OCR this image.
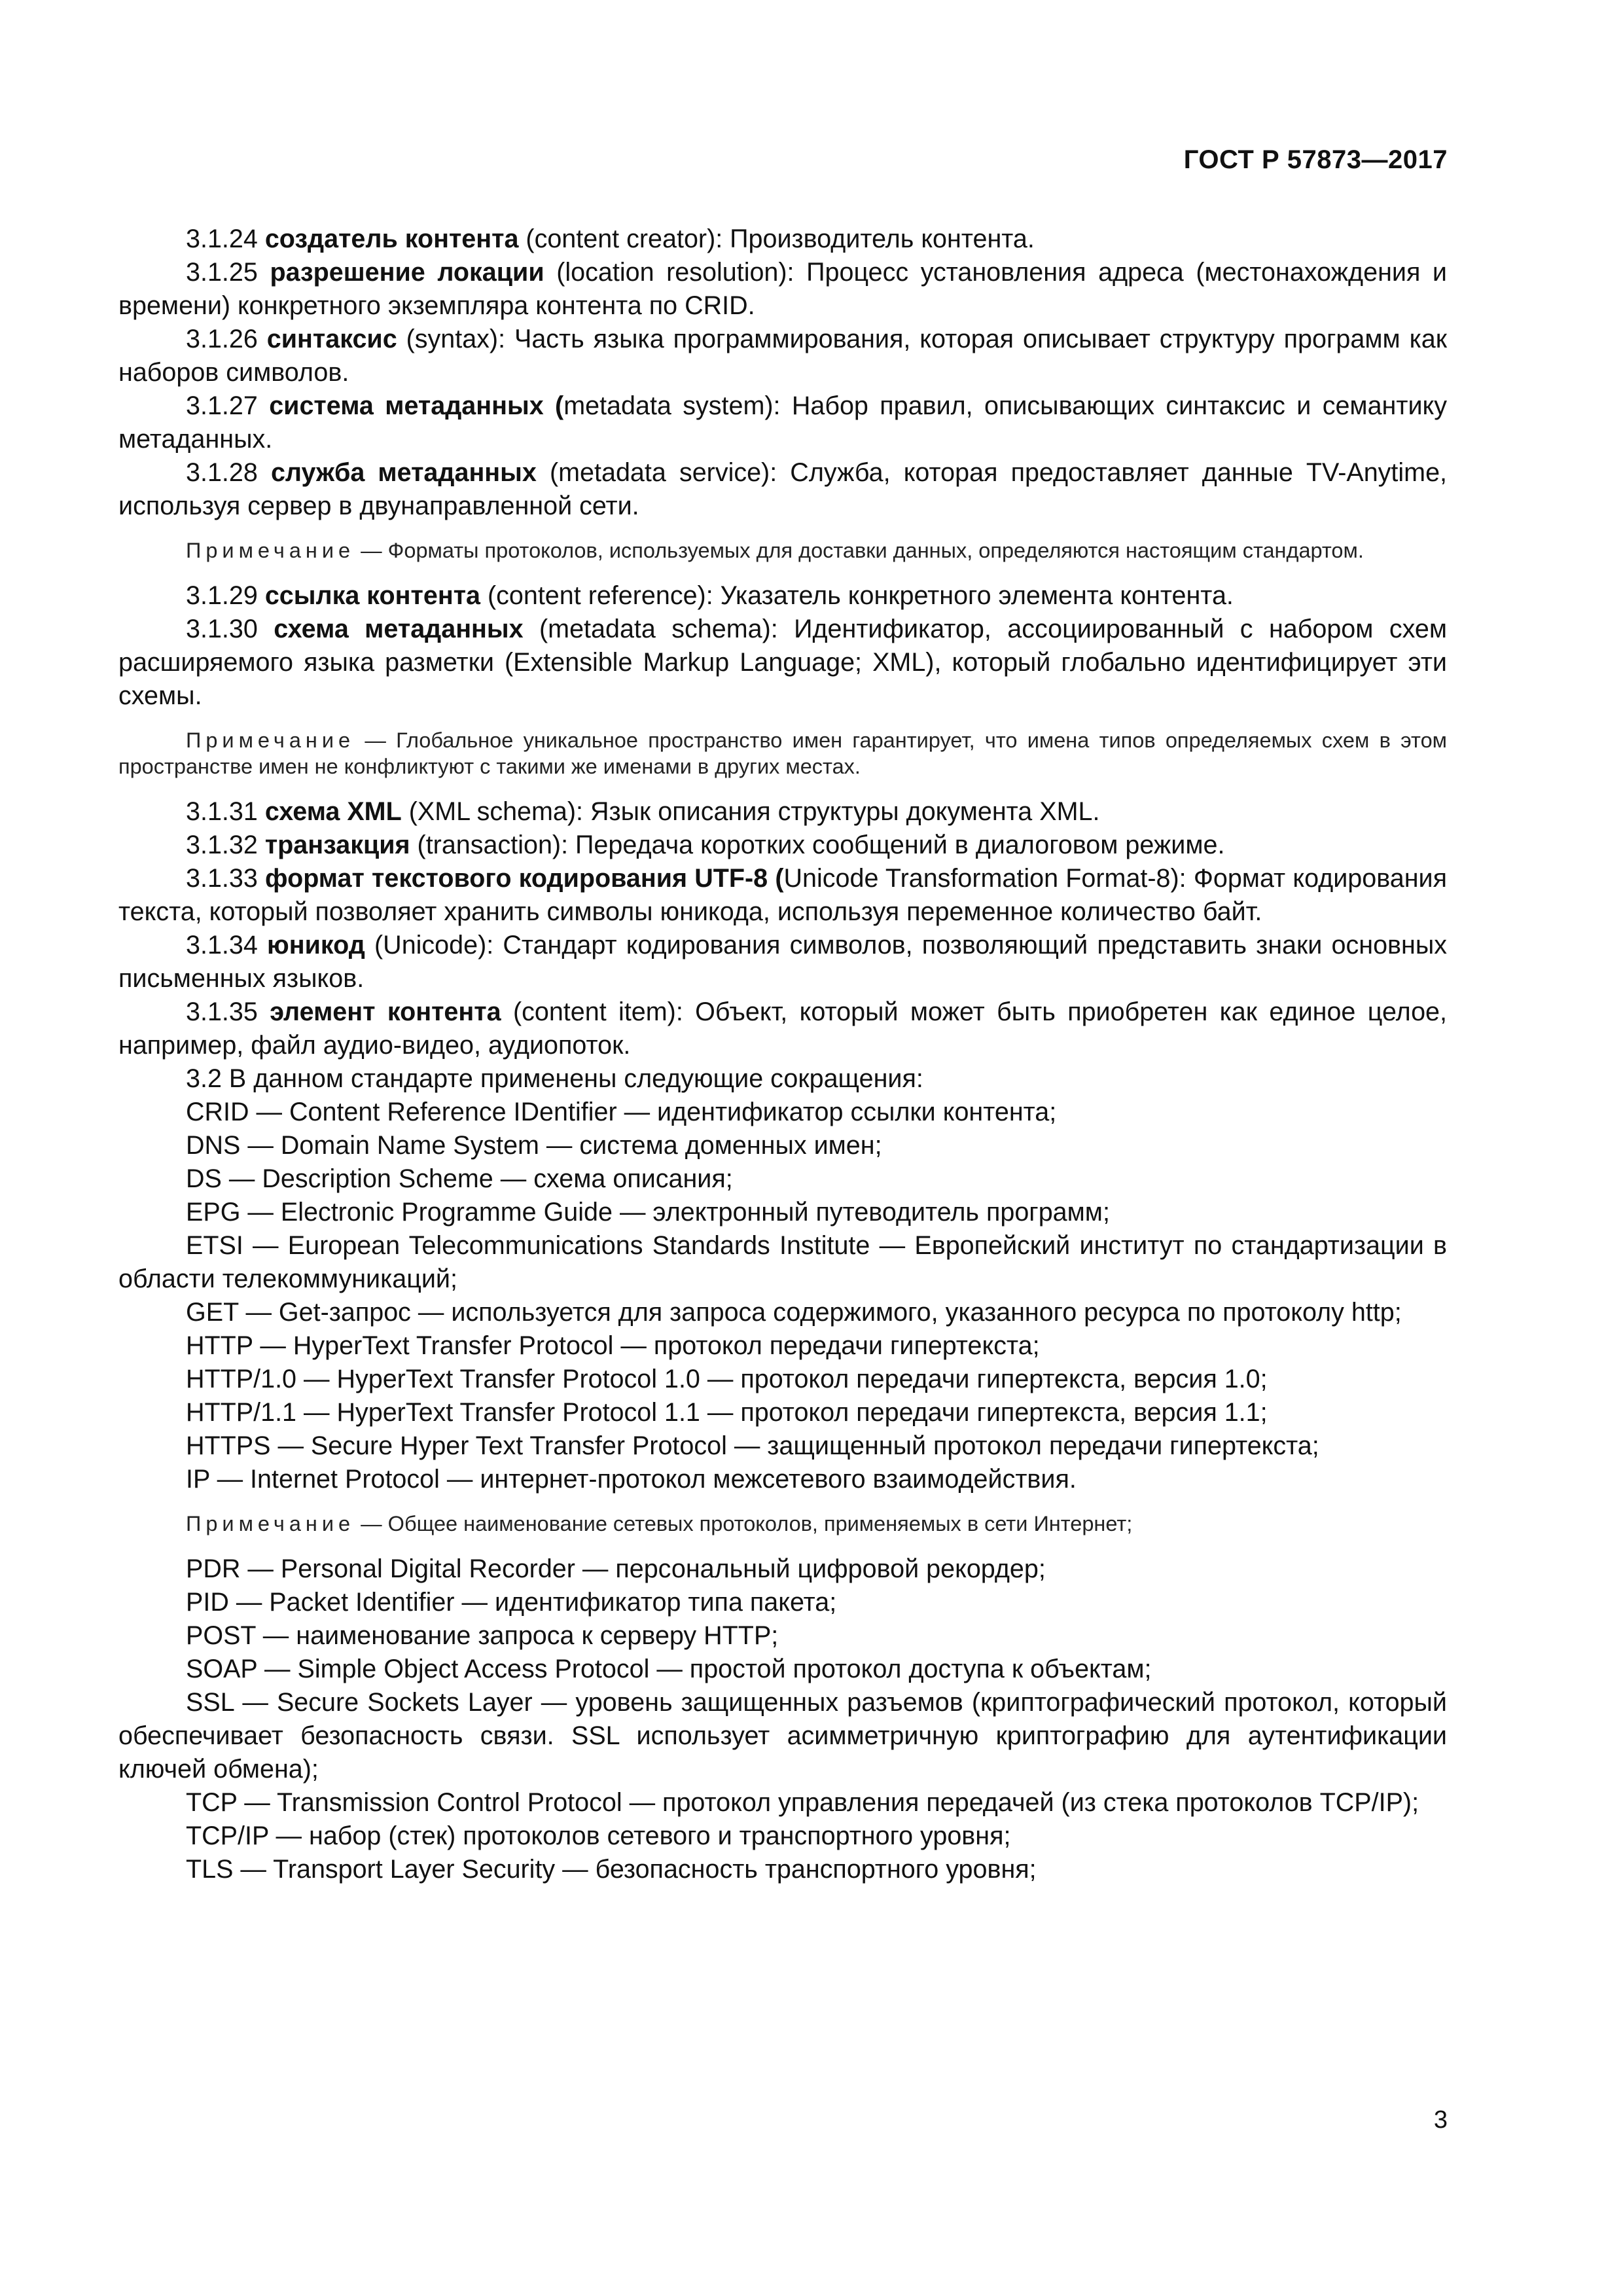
ГОСТ Р 57873—2017

3.1.24 создатель контента (content creator): Производитель контента.

3.1.25 разрешение локации (location resolution): Процесс установления адреса (местонахождения и времени) конкретного экземпляра контента по CRID.

3.1.26 синтаксис (syntax): Часть языка программирования, которая описывает структуру программ как наборов символов.

3.1.27 система метаданных (metadata system): Набор правил, описывающих синтаксис и семантику метаданных.

3.1.28 служба метаданных (metadata service): Служба, которая предоставляет данные TV-Anytime, используя сервер в двунаправленной сети.

Примечание — Форматы протоколов, используемых для доставки данных, определяются настоящим стандартом.

3.1.29 ссылка контента (content reference): Указатель конкретного элемента контента.

3.1.30 схема метаданных (metadata schema): Идентификатор, ассоциированный с набором схем расширяемого языка разметки (Extensible Markup Language; XML), который глобально идентифицирует эти схемы.

Примечание — Глобальное уникальное пространство имен гарантирует, что имена типов определяемых схем в этом пространстве имен не конфликтуют с такими же именами в других местах.

3.1.31 схема XML (XML schema): Язык описания структуры документа XML.

3.1.32 транзакция (transaction): Передача коротких сообщений в диалоговом режиме.

3.1.33 формат текстового кодирования UTF-8 (Unicode Transformation Format-8): Формат кодирования текста, который позволяет хранить символы юникода, используя переменное количество байт.

3.1.34 юникод (Unicode): Стандарт кодирования символов, позволяющий представить знаки основных письменных языков.

3.1.35 элемент контента (content item): Объект, который может быть приобретен как единое целое, например, файл аудио-видео, аудиопоток.

3.2 В данном стандарте применены следующие сокращения:

CRID — Content Reference IDentifier — идентификатор ссылки контента;

DNS — Domain Name System — система доменных имен;

DS — Description Scheme — схема описания;

EPG — Electronic Programme Guide — электронный путеводитель программ;

ETSI — European Telecommunications Standards Institute — Европейский институт по стандартизации в области телекоммуникаций;

GET — Get-запрос — используется для запроса содержимого, указанного ресурса по протоколу http;

HTTP — HyperText Transfer Protocol — протокол передачи гипертекста;

HTTP/1.0 — HyperText Transfer Protocol 1.0 — протокол передачи гипертекста, версия 1.0;

HTTP/1.1 — HyperText Transfer Protocol 1.1 — протокол передачи гипертекста, версия 1.1;

HTTPS — Secure Hyper Text Transfer Protocol — защищенный протокол передачи гипертекста;

IP — Internet Protocol — интернет-протокол межсетевого взаимодействия.

Примечание — Общее наименование сетевых протоколов, применяемых в сети Интернет;

PDR — Personal Digital Recorder — персональный цифровой рекордер;

PID — Packet Identifier — идентификатор типа пакета;

POST — наименование запроса к серверу HTTP;

SOAP — Simple Object Access Protocol — простой протокол доступа к объектам;

SSL — Secure Sockets Layer — уровень защищенных разъемов (криптографический протокол, который обеспечивает безопасность связи. SSL использует асимметричную криптографию для аутентификации ключей обмена);

TCP — Transmission Control Protocol — протокол управления передачей (из стека протоколов TCP/IP);

TCP/IP — набор (стек) протоколов сетевого и транспортного уровня;

TLS — Transport Layer Security — безопасность транспортного уровня;

3
